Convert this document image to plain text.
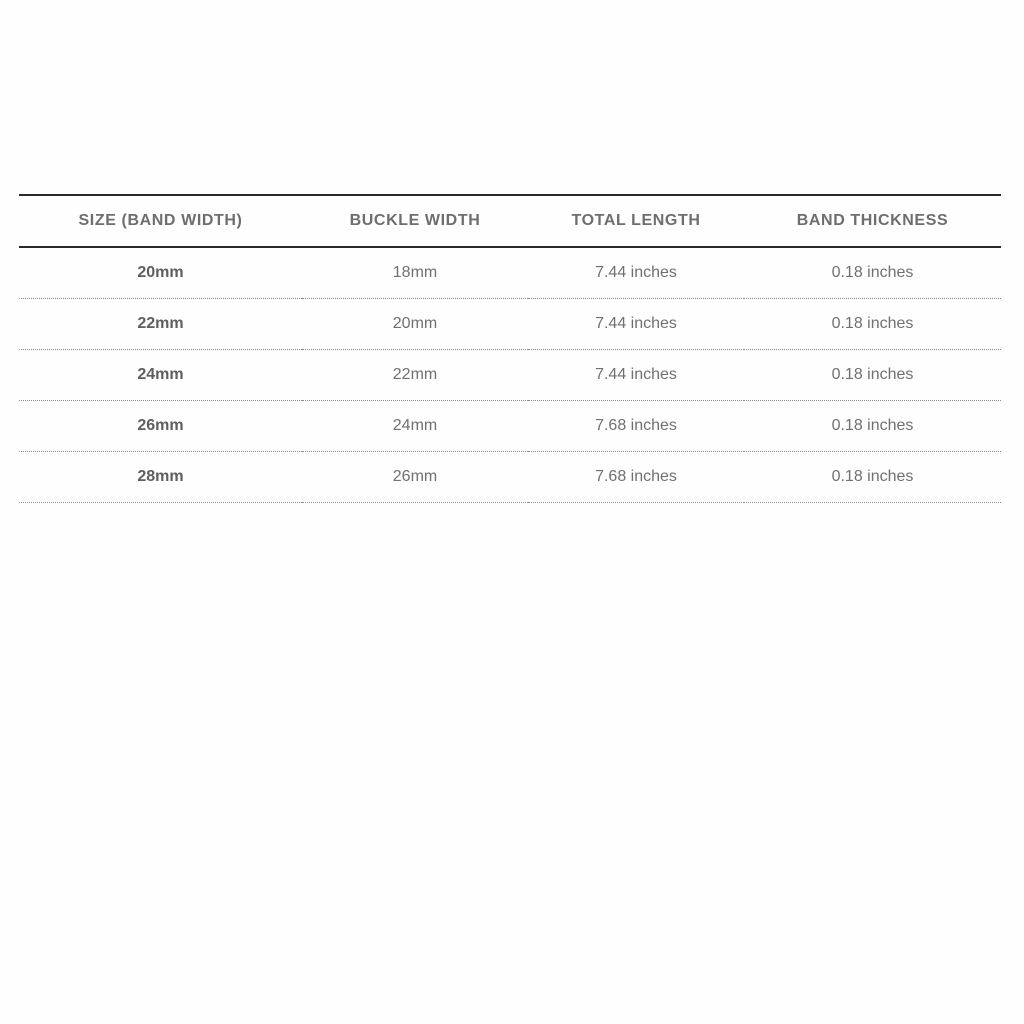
SIZE (BAND WIDTH)	BUCKLE WIDTH	TOTAL LENGTH	BAND THICKNESS
20mm	18mm	7.44 inches	0.18 inches
22mm	20mm	7.44 inches	0.18 inches
24mm	22mm	7.44 inches	0.18 inches
26mm	24mm	7.68 inches	0.18 inches
28mm	26mm	7.68 inches	0.18 inches
